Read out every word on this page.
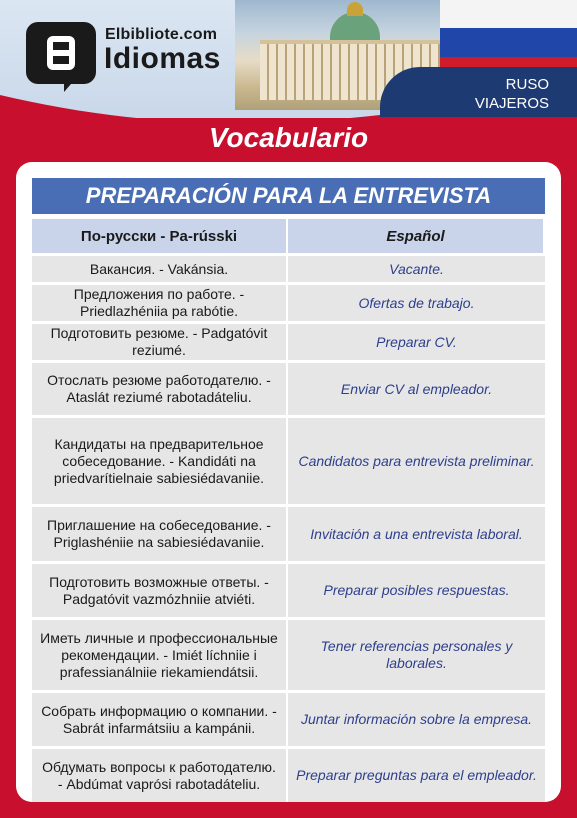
Elbibliote.com
Idiomas
RUSO
VIAJEROS
Vocabulario
PREPARACIÓN PARA LA ENTREVISTA
По-русски - Pa-rússki	Español
Вакансия. - Vakánsia.	Vacante.
Предложения по работе. - Priedlazhéniia pa rabótie.	Ofertas de trabajo.
Подготовить резюме. - Padgatóvit reziumé.	Preparar CV.
Отослать резюме работодателю. - Ataslát reziumé rabotadáteliu.	Enviar CV al empleador.
Кандидаты на предварительное собеседование. - Kandidáti na priedvarítielnaie sabiesiédavaniie.	Candidatos para entrevista preliminar.
Приглашение на собеседование. - Priglashéniie na sabiesiédavaniie.	Invitación a una entrevista laboral.
Подготовить возможные ответы. - Padgatóvit vazmózhniie atviéti.	Preparar posibles respuestas.
Иметь личные и профессиональные рекомендации. - Imiét líchniie i prafessianálniie riekamiendátsii.	Tener referencias personales y laborales.
Собрать информацию о компании. - Sabrát infarmátsiiu a kampánii.	Juntar información sobre la empresa.
Обдумать вопросы к работодателю. - Abdúmat vaprósi rabotadáteliu.	Preparar preguntas para el empleador.
